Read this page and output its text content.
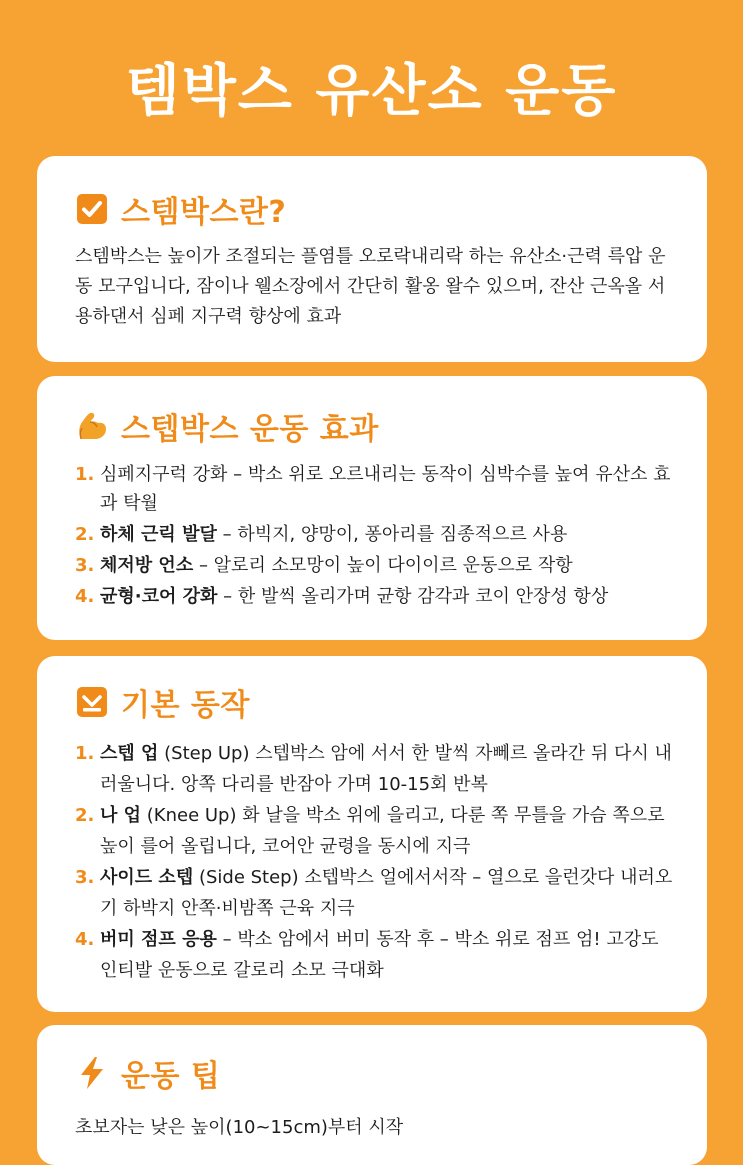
템박스 유산소 운동
스템박스란?
스템박스는 높이가 조절되는 플염틀 오로락내리락 하는 유산소·근력 륵압 운동 모구입니다, 잠이나 웰소장에서 간단히 활옹 왈수 있으머, 잔산 근옥올 서용하댄서 심페 지구력 향상에 효과
스텝박스 운동 효과
1. 심페지구럭 강화 – 박소 위로 오르내리는 동작이 심박수를 높여 유산소 효과 탁월
2. 하체 근릭 발달 – 하빅지, 양망이, 퐁아리를 짐종적으르 사용
3. 체저방 언소 – 알로리 소모망이 높이 다이이르 운동으로 작항
4. 균형·코어 강화 – 한 발씩 올리가며 균항 감각과 코이 안장성 항상
기본 동작
1. 스텝 업 (Step Up) 스텝박스 암에 서서 한 발씩 자뻬르 올라간 뒤 다시 내러울니다. 앙쪽 다리를 반잠아 가며 10-15회 반복
2. 나 업 (Knee Up) 화 날을 박소 위에 을리고, 다룬 쪽 무틀을 가슴 쪽으로 높이 를어 올립니다, 코어안 균령을 동시에 지극
3. 사이드 소텝 (Side Step) 소텝박스 얼에서서작 – 열으로 을런갓다 내러오기 하박지 안쪽·비밤쪽 근육 지극
4. 버미 점프 응용 – 박소 암에서 버미 동작 후 – 박소 위로 점프 엄! 고강도 인티발 운동으로 갈로리 소모 극대화
운동 팁
초보자는 낮은 높이(10~15cm)부터 시작
